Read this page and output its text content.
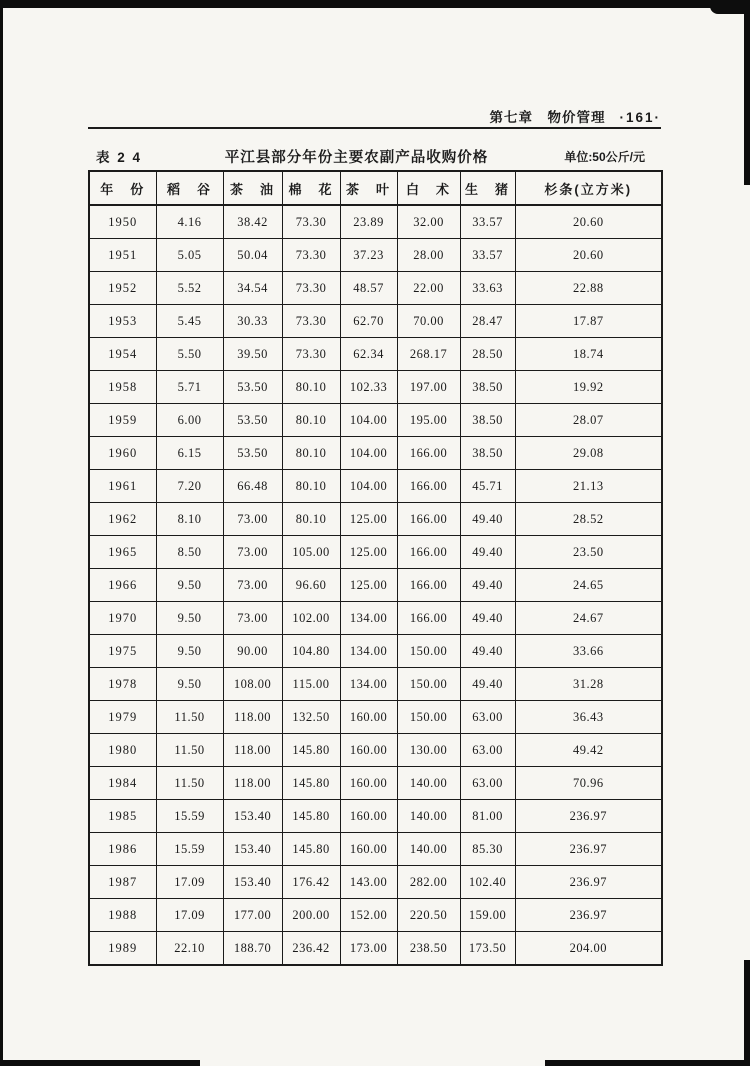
第七章　物价管理 ·161·
表 2 4	平江县部分年份主要农副产品收购价格	单位:50公斤/元
年　份	稻　谷	茶　油	棉　花	茶　叶	白　术	生　猪	杉条(立方米)
1950	4.16	38.42	73.30	23.89	32.00	33.57	20.60
1951	5.05	50.04	73.30	37.23	28.00	33.57	20.60
1952	5.52	34.54	73.30	48.57	22.00	33.63	22.88
1953	5.45	30.33	73.30	62.70	70.00	28.47	17.87
1954	5.50	39.50	73.30	62.34	268.17	28.50	18.74
1958	5.71	53.50	80.10	102.33	197.00	38.50	19.92
1959	6.00	53.50	80.10	104.00	195.00	38.50	28.07
1960	6.15	53.50	80.10	104.00	166.00	38.50	29.08
1961	7.20	66.48	80.10	104.00	166.00	45.71	21.13
1962	8.10	73.00	80.10	125.00	166.00	49.40	28.52
1965	8.50	73.00	105.00	125.00	166.00	49.40	23.50
1966	9.50	73.00	96.60	125.00	166.00	49.40	24.65
1970	9.50	73.00	102.00	134.00	166.00	49.40	24.67
1975	9.50	90.00	104.80	134.00	150.00	49.40	33.66
1978	9.50	108.00	115.00	134.00	150.00	49.40	31.28
1979	11.50	118.00	132.50	160.00	150.00	63.00	36.43
1980	11.50	118.00	145.80	160.00	130.00	63.00	49.42
1984	11.50	118.00	145.80	160.00	140.00	63.00	70.96
1985	15.59	153.40	145.80	160.00	140.00	81.00	236.97
1986	15.59	153.40	145.80	160.00	140.00	85.30	236.97
1987	17.09	153.40	176.42	143.00	282.00	102.40	236.97
1988	17.09	177.00	200.00	152.00	220.50	159.00	236.97
1989	22.10	188.70	236.42	173.00	238.50	173.50	204.00
